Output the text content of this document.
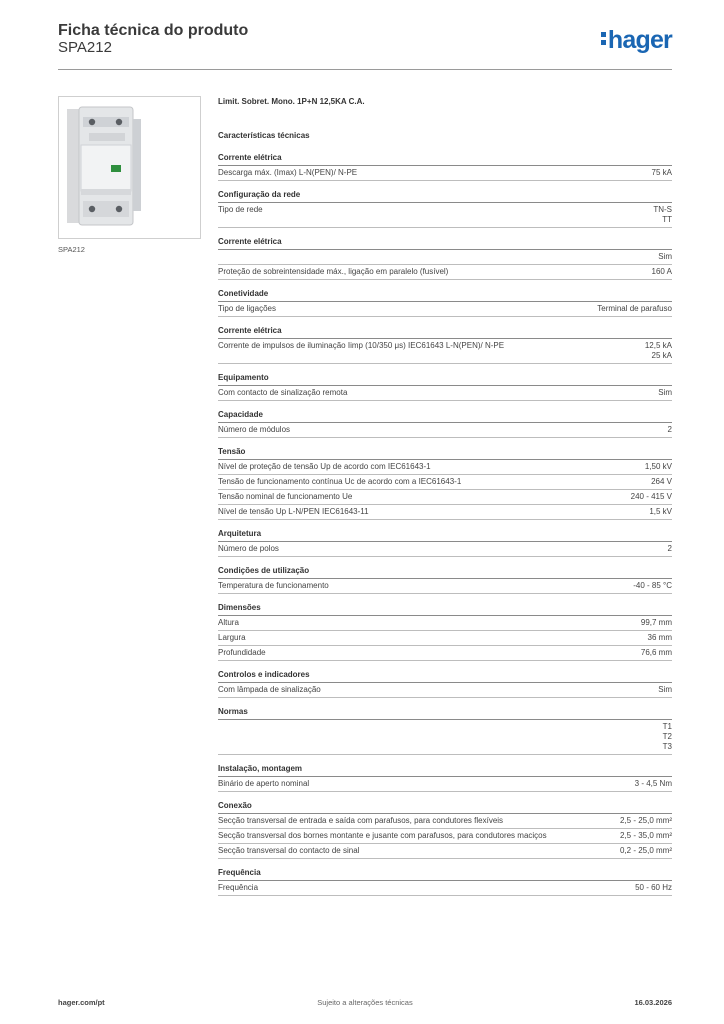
Ficha técnica do produto
SPA212	hager
SPA212
Limit. Sobret. Mono. 1P+N 12,5KA C.A.
Características técnicas
Corrente elétrica
Descarga máx. (Imax) L-N(PEN)/ N-PE	75 kA
Configuração da rede
Tipo de rede	TN-S
TT
Corrente elétrica
Sim
Proteção de sobreintensidade máx., ligação em paralelo (fusível)	160 A
Conetividade
Tipo de ligações	Terminal de parafuso
Corrente elétrica
Corrente de impulsos de iluminação Iimp (10/350 μs) IEC61643 L-N(PEN)/ N-PE	12,5 kA
25 kA
Equipamento
Com contacto de sinalização remota	Sim
Capacidade
Número de módulos	2
Tensão
Nível de proteção de tensão Up de acordo com IEC61643-1	1,50 kV
Tensão de funcionamento contínua Uc de acordo com a IEC61643-1	264 V
Tensão nominal de funcionamento Ue	240 - 415 V
Nível de tensão Up L-N/PEN IEC61643-11	1,5 kV
Arquitetura
Número de polos	2
Condições de utilização
Temperatura de funcionamento	-40 - 85 °C
Dimensões
Altura	99,7 mm
Largura	36 mm
Profundidade	76,6 mm
Controlos e indicadores
Com lâmpada de sinalização	Sim
Normas
T1
T2
T3
Instalação, montagem
Binário de aperto nominal	3 - 4,5 Nm
Conexão
Secção transversal de entrada e saída com parafusos, para condutores flexíveis	2,5 - 25,0 mm²
Secção transversal dos bornes montante e jusante com parafusos, para condutores maciços	2,5 - 35,0 mm²
Secção transversal do contacto de sinal	0,2 - 25,0 mm²
Frequência
Frequência	50 - 60 Hz
hager.com/pt	Sujeito a alterações técnicas	16.03.2026
